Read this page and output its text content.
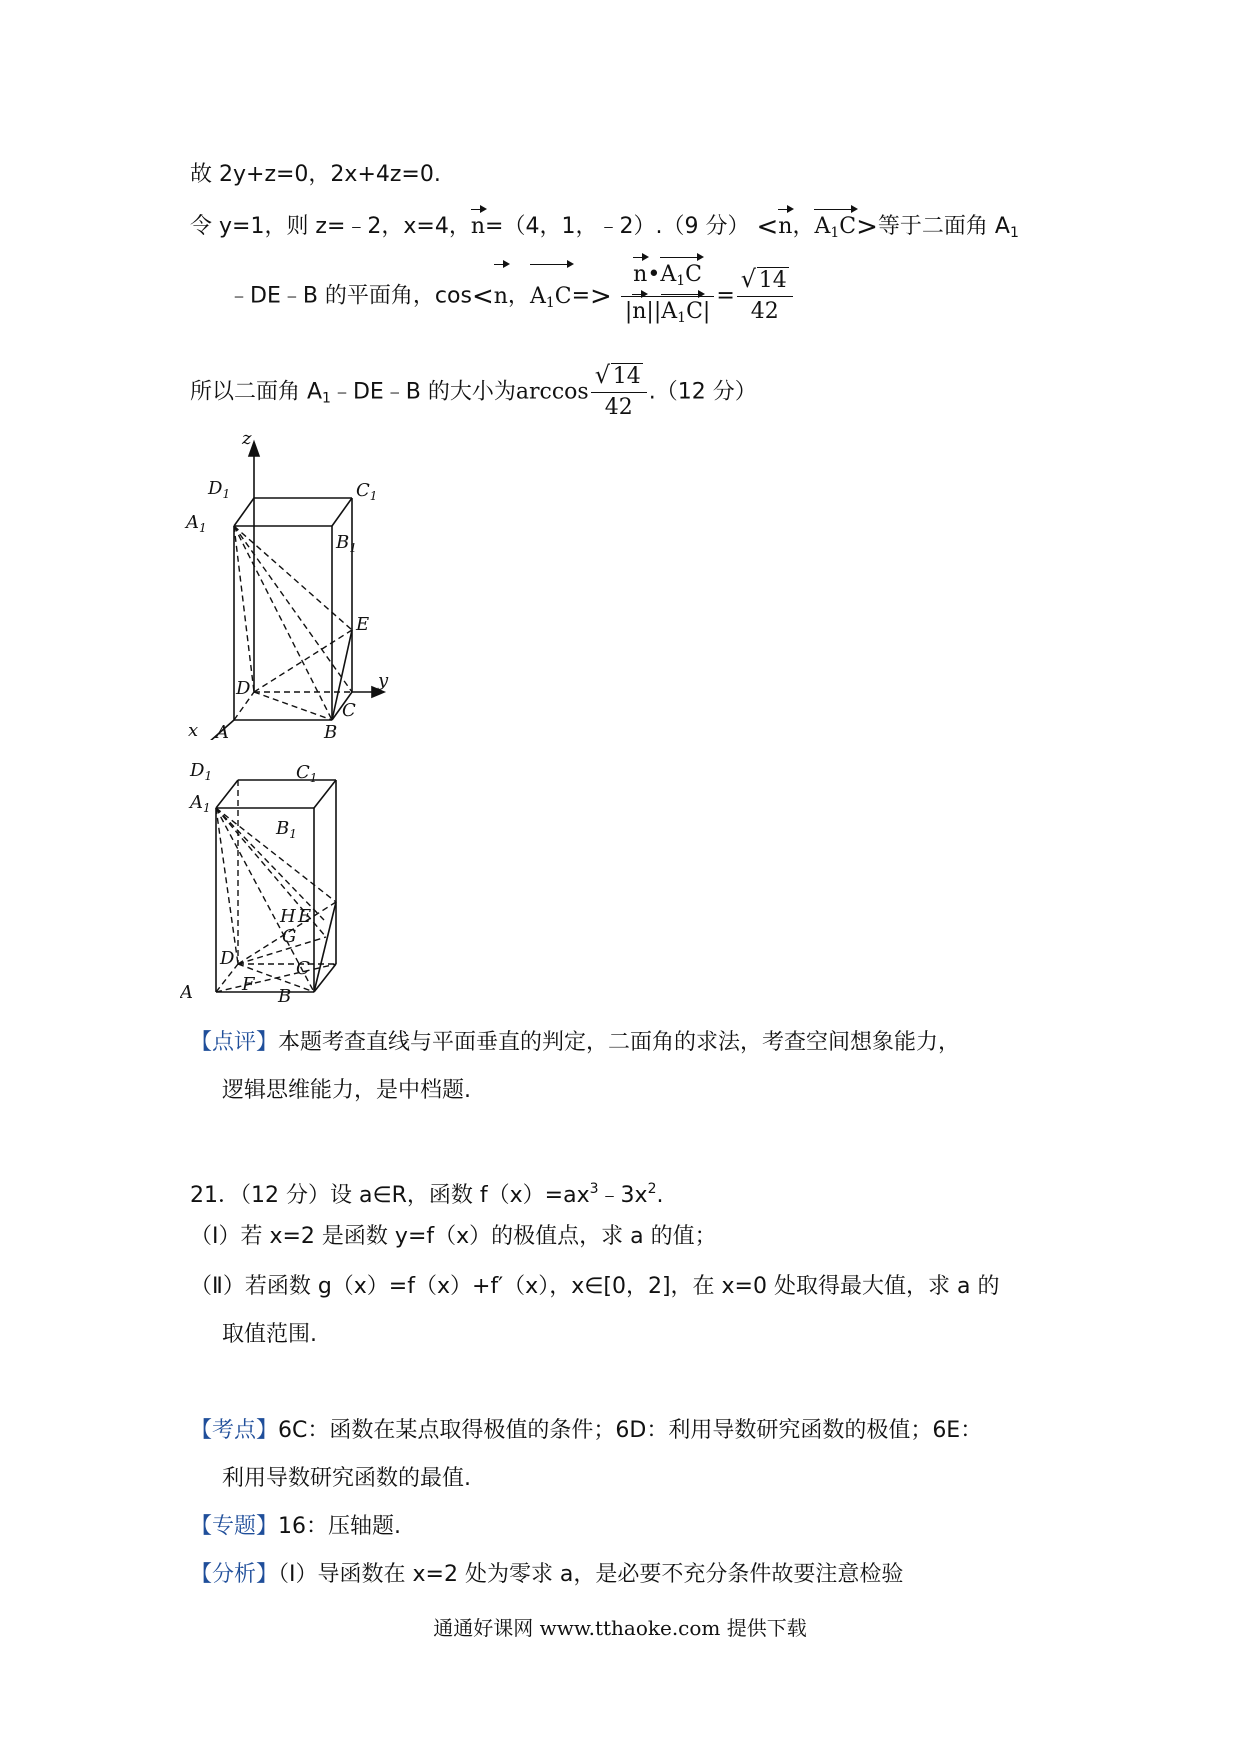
故 2y+z=0，2x+4z=0.
令 y=1，则 z=﹣2，x=4，n=（4，1，﹣2）.（9 分） <n，$A_1C>$等于二面角 $A_1$
﹣DE﹣B 的平面角，cos<n，$A_1C=> \frac{n•A_1C}{|n||A_1C|}$ = √ $\frac{14}{42}$
所以二面角 $A_1﹣DE﹣B$ 的大小为arccos √ $\frac{14}{42} .(12$ 分）
z
$D_1$	$C_1$
$A_1$
$B_1$
E
D
C
y
A	B
x
$D_1$	$C_1$
$A_1$
$B_1$
H E
G
D	C
A	F
B
【点评】本题考查直线与平面垂直的判定，二面角的求法，考查空间想象能力，
逻辑思维能力，是中档题.
21．（12 分）设 a∈R，函数 $f(x)=ax^3﹣3x^2$.
（Ⅰ）若 x=2 是函数 y=f（x）的极值点，求 a 的值；
（Ⅱ）若函数 g（x）=f（x）+f′（x），x∈[0，2]，在 x=0 处取得最大值，求 a 的
取值范围.
【考点】6C：函数在某点取得极值的条件；6D：利用导数研究函数的极值；6E：
利用导数研究函数的最值.
【专题】16：压轴题.
【分析】（Ⅰ）导函数在 x=2 处为零求 a，是必要不充分条件故要注意检验
通通好课网 www.tthaoke.com 提供下载
